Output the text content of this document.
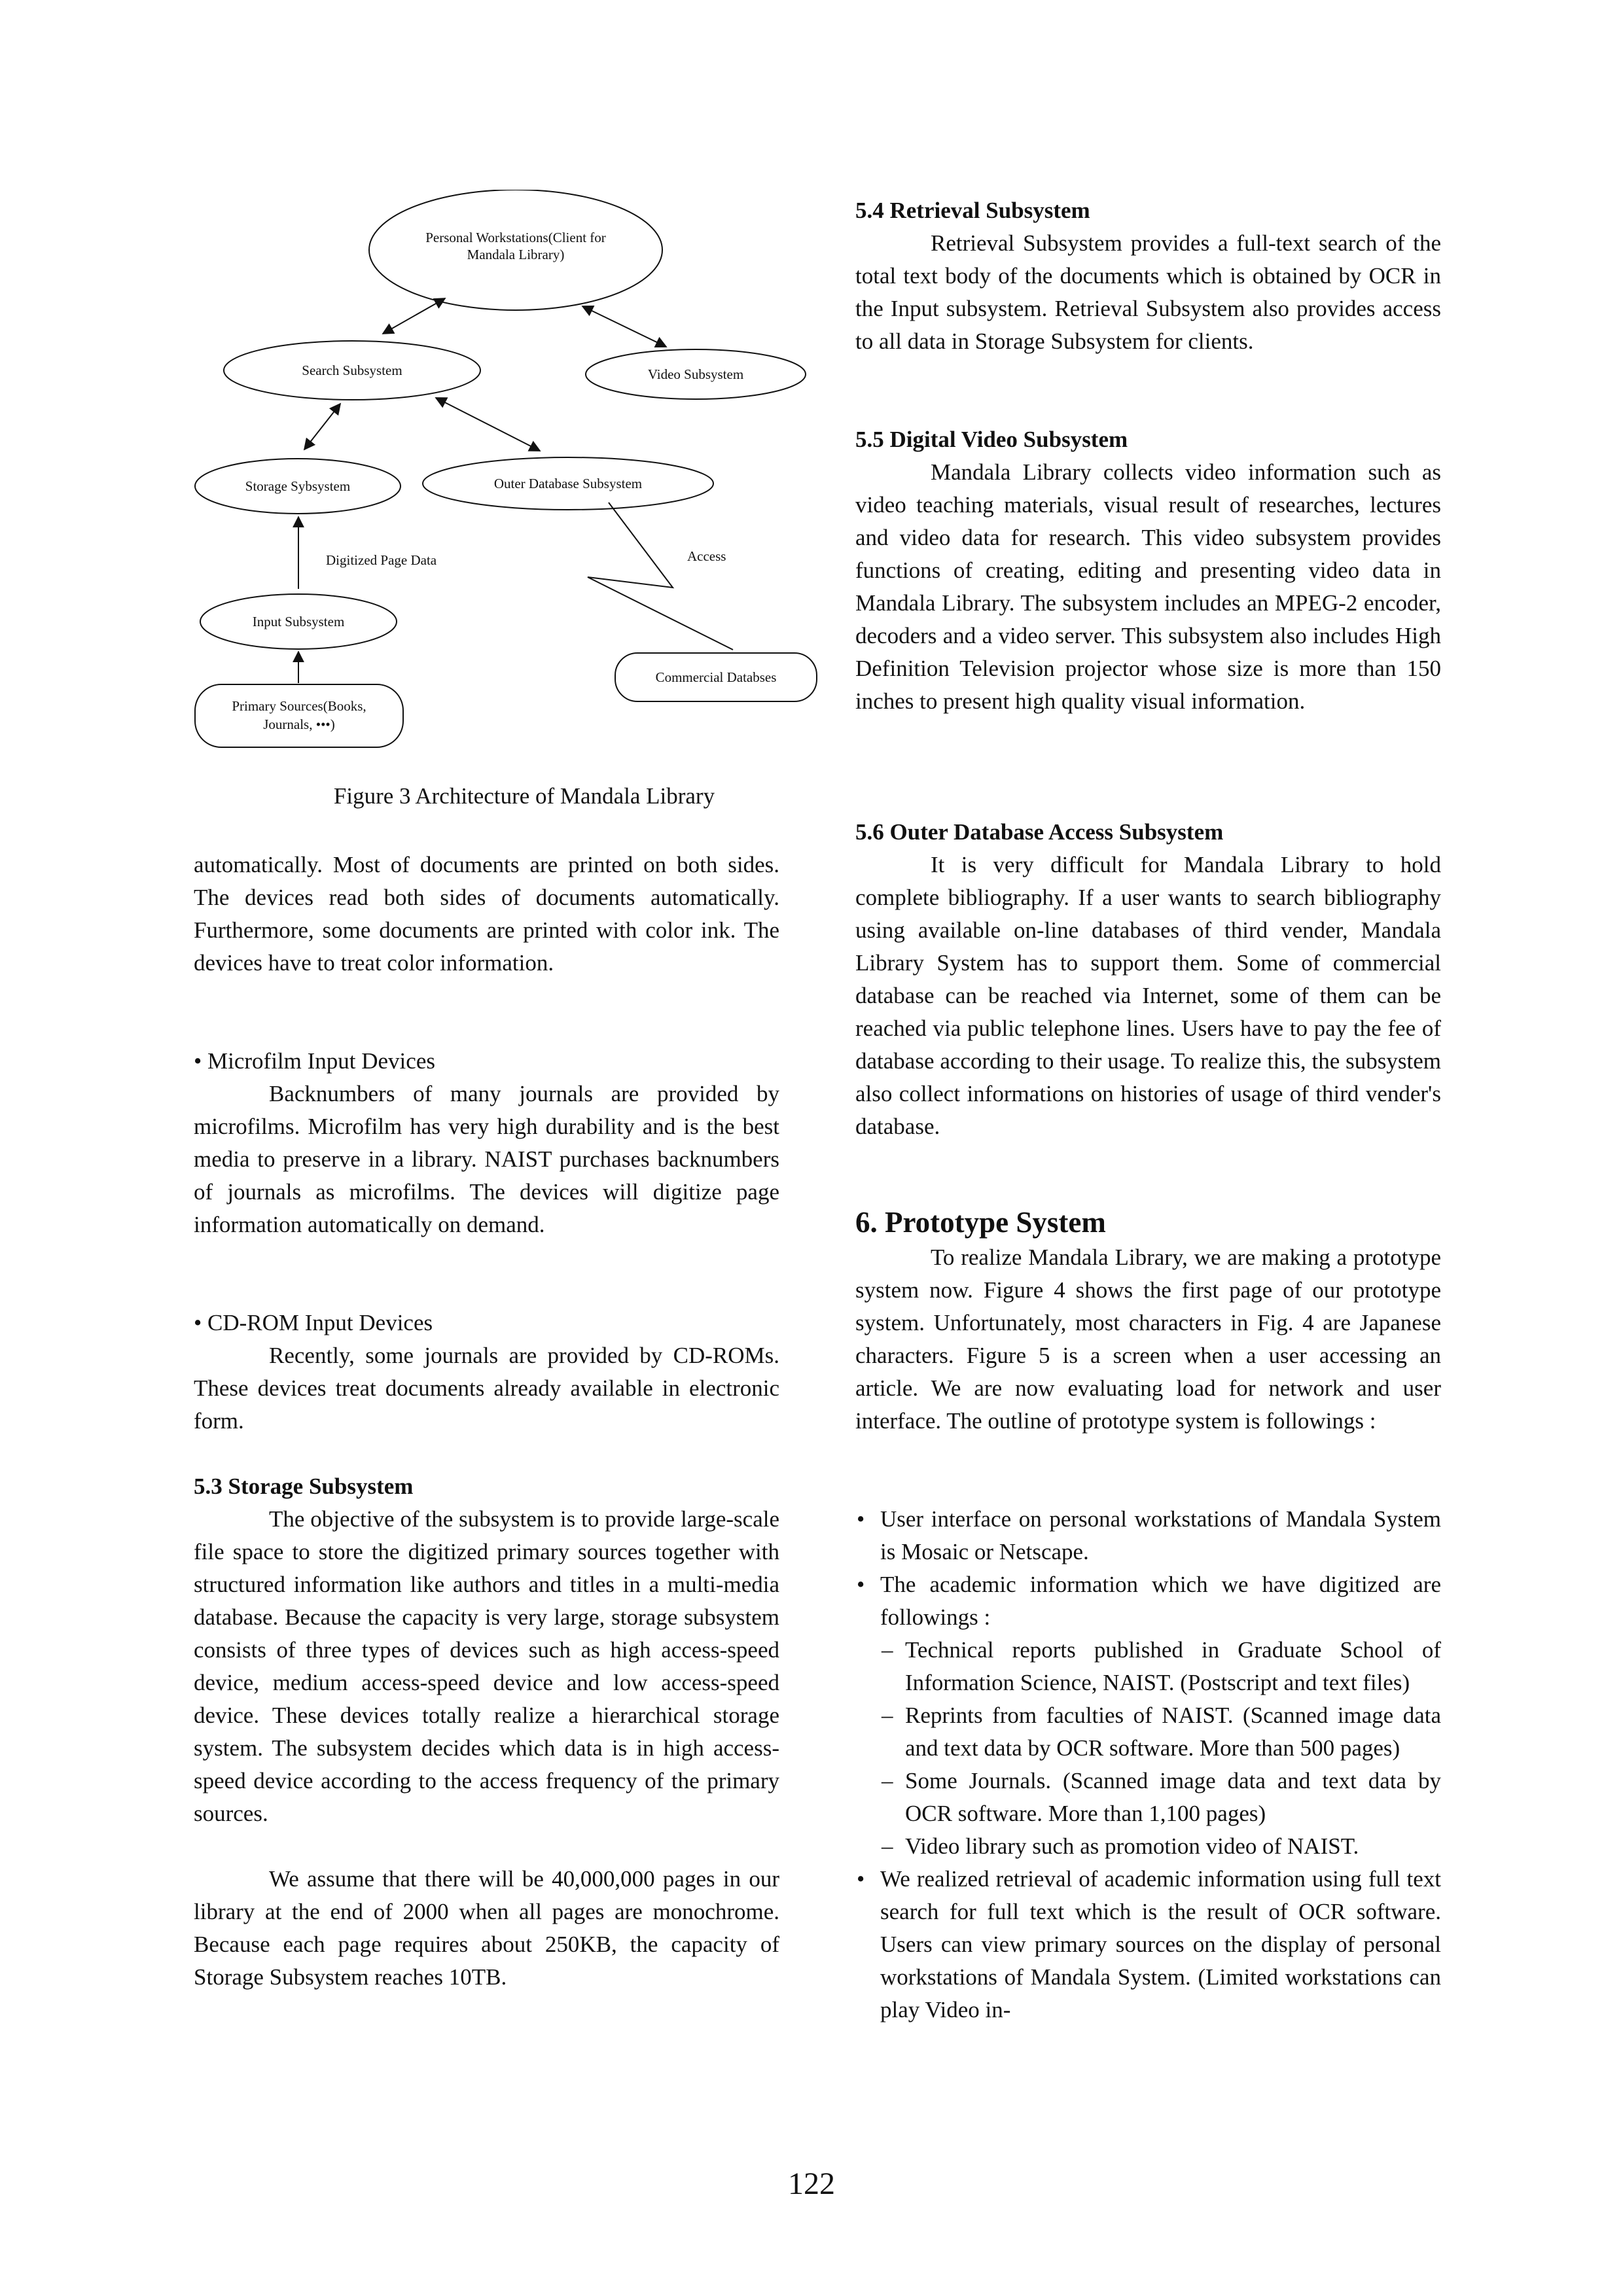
Personal Workstations(Client for
Mandala Library)
Search Subsystem	Video Subsystem
Storage Sybsystem	Outer Database Subsystem
Input Subsystem
Primary Sources(Books,
Journals, •••)
Commercial Databses
Digitized Page Data	Access
Figure 3 Architecture of Mandala Library

automatically. Most of documents are printed on both sides. The devices read both sides of documents automatically. Furthermore, some documents are printed with color ink. The devices have to treat color information.

• Microfilm Input Devices

Backnumbers of many journals are provided by microfilms. Microfilm has very high durability and is the best media to preserve in a library. NAIST purchases backnumbers of journals as microfilms. The devices will digitize page information automatically on demand.

• CD-ROM Input Devices

Recently, some journals are provided by CD-ROMs. These devices treat documents already available in electronic form.

5.3 Storage Subsystem

The objective of the subsystem is to provide large-scale file space to store the digitized primary sources together with structured information like authors and titles in a multi-media database. Because the capacity is very large, storage subsystem consists of three types of devices such as high access-speed device, medium access-speed device and low access-speed device. These devices totally realize a hierarchical storage system. The subsystem decides which data is in high access-speed device according to the access frequency of the primary sources.

We assume that there will be 40,000,000 pages in our library at the end of 2000 when all pages are monochrome. Because each page requires about 250KB, the capacity of Storage Subsystem reaches 10TB.

5.4 Retrieval Subsystem

Retrieval Subsystem provides a full-text search of the total text body of the documents which is obtained by OCR in the Input subsystem. Retrieval Subsystem also provides access to all data in Storage Subsystem for clients.

5.5 Digital Video Subsystem

Mandala Library collects video information such as video teaching materials, visual result of researches, lectures and video data for research. This video subsystem provides functions of creating, editing and presenting video data in Mandala Library. The subsystem includes an MPEG-2 encoder, decoders and a video server. This subsystem also includes High Definition Television projector whose size is more than 150 inches to present high quality visual information.

5.6 Outer Database Access Subsystem

It is very difficult for Mandala Library to hold complete bibliography. If a user wants to search bibliography using available on-line databases of third vender, Mandala Library System has to support them. Some of commercial database can be reached via Internet, some of them can be reached via public telephone lines. Users have to pay the fee of database according to their usage. To realize this, the subsystem also collect informations on histories of usage of third vender's database.

6. Prototype System

To realize Mandala Library, we are making a prototype system now. Figure 4 shows the first page of our prototype system. Unfortunately, most characters in Fig. 4 are Japanese characters. Figure 5 is a screen when a user accessing an article. We are now evaluating load for network and user interface. The outline of prototype system is followings :

• User interface on personal workstations of Mandala System is Mosaic or Netscape.
• The academic information which we have digitized are followings :
– Technical reports published in Graduate School of Information Science, NAIST. (Postscript and text files)
– Reprints from faculties of NAIST. (Scanned image data and text data by OCR software. More than 500 pages)
– Some Journals. (Scanned image data and text data by OCR software. More than 1,100 pages)
– Video library such as promotion video of NAIST.
• We realized retrieval of academic information using full text search for full text which is the result of OCR software. Users can view primary sources on the display of personal workstations of Mandala System. (Limited workstations can play Video in-
122
